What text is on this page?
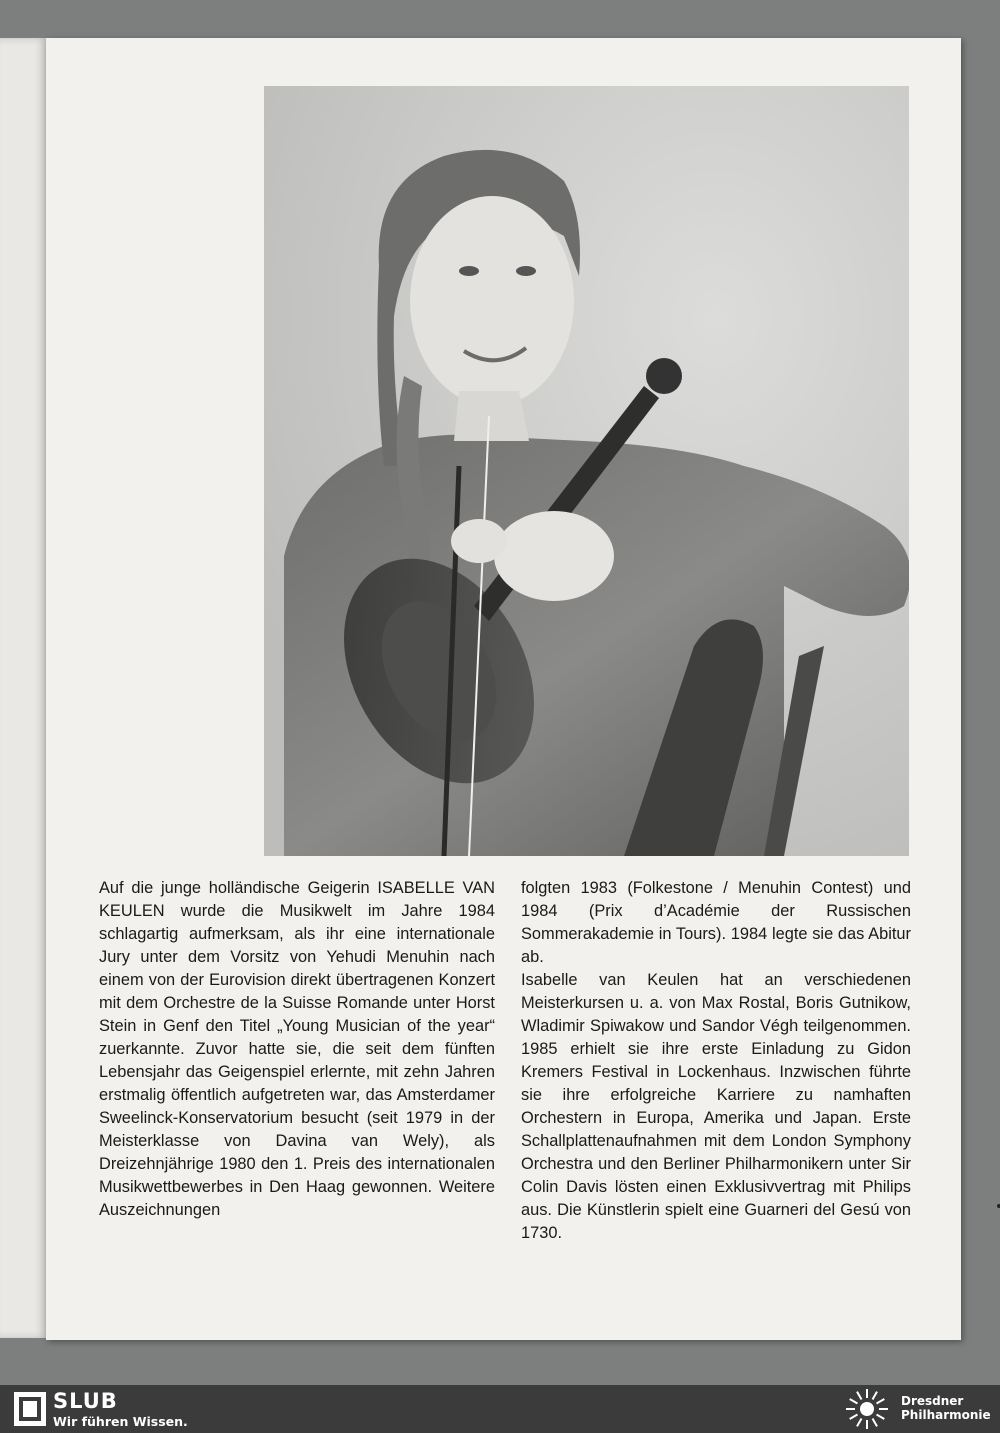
Auf die junge holländische Geigerin ISABELLE VAN KEULEN wurde die Musikwelt im Jahre 1984 schlagartig aufmerksam, als ihr eine internationale Jury unter dem Vorsitz von Yehudi Menuhin nach einem von der Eurovision direkt übertragenen Konzert mit dem Orchestre de la Suisse Romande unter Horst Stein in Genf den Titel „Young Musician of the year“ zuerkannte. Zuvor hatte sie, die seit dem fünften Lebensjahr das Geigenspiel erlernte, mit zehn Jahren erstmalig öffentlich aufgetreten war, das Amsterdamer Sweelinck-Konservatorium besucht (seit 1979 in der Meisterklasse von Davina van Wely), als Dreizehnjährige 1980 den 1. Preis des internationalen Musikwettbewerbes in Den Haag gewonnen. Weitere Auszeichnungen

folgten 1983 (Folkestone / Menuhin Contest) und 1984 (Prix d’Académie der Russischen Sommerakademie in Tours). 1984 legte sie das Abitur ab.

Isabelle van Keulen hat an verschiedenen Meisterkursen u. a. von Max Rostal, Boris Gutnikow, Wladimir Spiwakow und Sandor Végh teilgenommen. 1985 erhielt sie ihre erste Einladung zu Gidon Kremers Festival in Lockenhaus. Inzwischen führte sie ihre erfolgreiche Karriere zu namhaften Orchestern in Europa, Amerika und Japan. Erste Schallplattenaufnahmen mit dem London Symphony Orchestra und den Berliner Philharmonikern unter Sir Colin Davis lösten einen Exklusivvertrag mit Philips aus. Die Künstlerin spielt eine Guarneri del Gesú von 1730.

SLUB
Wir führen Wissen.
Dresdner
Philharmonie
